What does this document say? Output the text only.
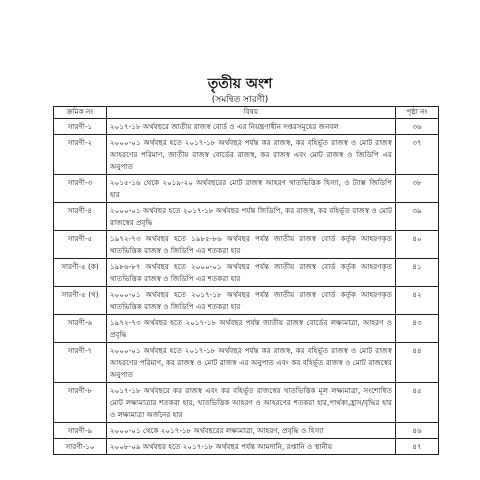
তৃতীয় অংশ
(সমন্বিত সারণী)
ক্রমিক নং	বিষয়	পৃষ্ঠা নং
সারণী-১	২০১৭-১৮ অর্থবছরে জাতীয় রাজস্ব বোর্ড ও এর নিয়ন্ত্রণাধীন দপ্তরসমূহের জনবল	৩৬
সারণী-২	২০০০-০১ অর্থবছর হতে ২০১৭-১৮ অর্থবছর পর্যন্ত কর রাজস্ব, কর বহির্ভূত রাজস্ব ও মোট রাজস্ব আহরণের পরিমাণ, জাতীয় রাজস্ব বোর্ডের রাজস্ব, কর রাজস্ব এবং মোট রাজস্ব ও জিডিপি এর অনুপাত	৩৭
সারণী-৩	২০১৫-১৬ থেকে ২০১৯-২০ অর্থবছরের মোট রাজস্ব আহরণ খাতভিত্তিক হিস্যা, ও ট্যাক্স জিডিপি হার	৩৮
সারণী-৪	২০০০-০১ অর্থবছর হতে ২০১৭-১৮ অর্থবছর পর্যন্ত জিডিপি, কর রাজস্ব, কর বহির্ভূত রাজস্ব ও মোট রাজস্বের প্রবৃদ্ধি	৩৯
সারণী-৫	১৯৭২-৭৩ অর্থবছর হতে ১৯৮৫-৮৬ অর্থবছর পর্যন্ত জাতীয় রাজস্ব বোর্ড কর্তৃক আহরণকৃত খাতভিত্তিক রাজস্ব ও জিডিপি এর শতকরা হার	৪০
সারণী-৫ (ক)	১৯৮৬-৮৭ অর্থবছর হতে ২০০০-০১ অর্থবছর পর্যন্ত জাতীয় রাজস্ব বোর্ড কর্তৃক আহরণকৃত খাতভিত্তিক রাজস্ব ও জিডিপি এর শতকরা হার	৪১
সারণী-৫ (খ)	২০০০-০১ অর্থবছর হতে ২০১৭-১৮ অর্থবছর পর্যন্ত জাতীয় রাজস্ব বোর্ড কর্তৃক আহরণকৃত খাতভিত্তিক রাজস্ব ও জিডিপি এর শতকরা হার	৪২
সারণী-৬	১৯৭২-৭৩ অর্থবছর হতে ২০১৭-১৮ অর্থবছর পর্যন্ত জাতীয় রাজস্ব বোর্ডের লক্ষ্যমাত্রা, আহরণ ও প্রবৃদ্ধি	৪৩
সারণী-৭	২০০০-০১ অর্থবছর হতে ২০১৭-১৮ অর্থবছর পর্যন্ত কর রাজস্ব, কর বহির্ভূত রাজস্ব ও মোট রাজস্ব আহরণের পরিমাণ, কর রাজস্ব ও মোট রাজস্ব এর অনুপাত এবং কর বহির্ভূত রাজস্ব ও মোট রাজস্বের অনুপাত	৪৪
সারণী-৮	২০১৭-১৮ অর্থবছরে কর রাজস্ব এবং কর বহির্ভূত রাজস্বের খাতভিত্তিক মূল লক্ষ্যমাত্রা, সংশোধিত মোট লক্ষ্যমাত্রার শতকরা হার, খাতভিত্তিক আহরণ ও আহরণের শতকরা হার,পার্থক্য,হ্রাস/বৃদ্ধির হার ও লক্ষ্যমাত্রা অর্জনের হার	৪৫
সারণী-৯	২০০০-০১ থেকে ২০১৭-১৮ অর্থবছরের লক্ষ্যমাত্রা, আহরণ, প্রবৃদ্ধি ও হিস্যা	৪৬
সারণী-১০	২০০৮-০৯ অর্থবছর হতে ২০১৭-১৮ অর্থবছর পর্যন্ত আমদানি, রপ্তানি ও স্থানীয়	৪৭
